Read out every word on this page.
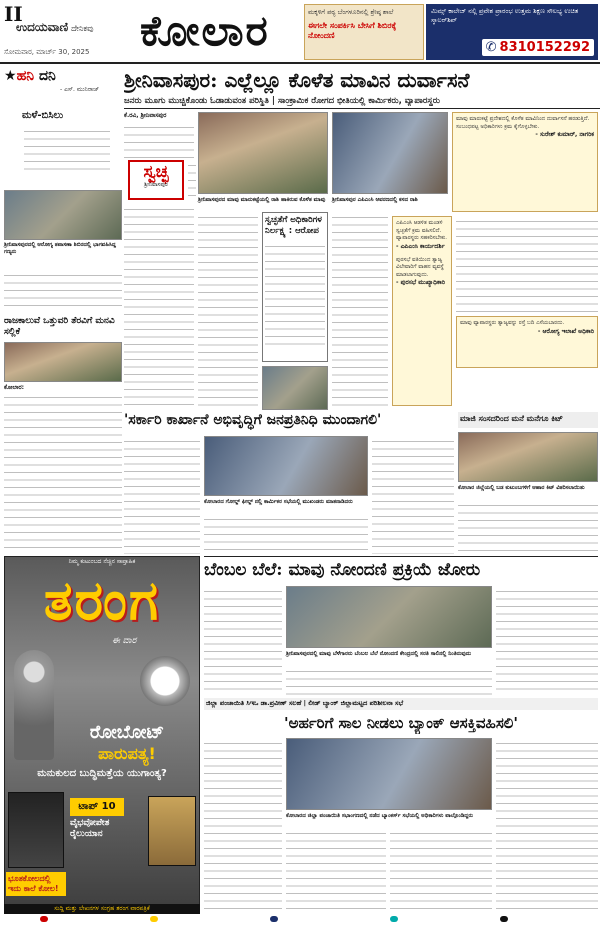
II
ಉದಯವಾಣಿ ದೇನಿಕವು
ಸೋಮವಾರ, ಮಾರ್ಚ್ 30, 2025 ಕೋಲಾರ	ಮಕ್ಕಳಿಗೆ ಪಠ್ಯ ಬೆಂಗಳೂರಿನಲ್ಲಿ ಶ್ರೇಷ್ಠ ಶಾಲೆ
ಈಗಲೇ ಸಂಪರ್ಕಿಸಿ ಬೇಸಿಗೆ ಶಿಬಿರಕ್ಕೆ ನೋಂದಣಿ
ಮಿಮ್ಸ್ ಕಾಲೇಜ್ ನಲ್ಲಿ ಪ್ರವೇಶ ಪ್ರಾರಂಭ ಉತ್ತಮ ಶಿಕ್ಷಣ ಸೌಲಭ್ಯ ಉಚಿತ ಸ್ಕಾಲರ್‌ಶಿಪ್
✆ 8310152292
★ಹನಿ ದನಿ
- ಎಸ್. ಮುನಿರಾಜ್
ಮಳೆ-ಬಿಸಿಲು
ಶ್ರೀನಿವಾಸಪುರದಲ್ಲಿ ಆರೋಗ್ಯ ತಪಾಸಣಾ ಶಿಬಿರದಲ್ಲಿ ಭಾಗವಹಿಸಿದ್ದ ಗಣ್ಯರು
ರಾಜಕಾಲುವೆ ಒತ್ತುವರಿ ತೆರವಿಗೆ ಮನವಿ ಸಲ್ಲಿಕೆ
ಕೋಲಾರ:
ಶ್ರೀನಿವಾಸಪುರ: ಎಲ್ಲೆಲ್ಲೂ ಕೊಳೆತ ಮಾವಿನ ದುರ್ವಾಸನೆ
ಜನರು ಮೂಗು ಮುಚ್ಚಿಕೊಂಡು ಓಡಾಡುವಂತ ಪರಿಸ್ಥಿತಿ | ಸಾಂಕ್ರಾಮಿಕ ರೋಗದ ಭೀತಿಯಲ್ಲಿ ಕಾರ್ಮಿಕರು, ವ್ಯಾಪಾರಸ್ಥರು
ಕೆ.ರವಿ, ಶ್ರೀನಿವಾಸಪುರ
ಸ್ವಚ್ಛ
ಶ್ರೀನಿವಾಸಪುರ
ಶ್ರೀನಿವಾಸಪುರದ ಮಾವು ಮಾರುಕಟ್ಟೆಯಲ್ಲಿ ರಾಶಿ ಹಾಕಿರುವ ಕೊಳೆತ ಮಾವು	ಶ್ರೀನಿವಾಸಪುರ ಎಪಿಎಂಸಿ ಆವರಣದಲ್ಲಿ ಕಸದ ರಾಶಿ
ಮಾವು ಮಾರುಕಟ್ಟೆ ಪ್ರದೇಶದಲ್ಲಿ ಕೊಳೆತ ಮಾವಿನಿಂದ ದುರ್ವಾಸನೆ ಹರಡುತ್ತಿದೆ. ಸಂಬಂಧಪಟ್ಟ ಅಧಿಕಾರಿಗಳು ಕ್ರಮ ಕೈಗೊಳ್ಳಬೇಕು.
- ಸುರೇಶ್ ಕುಮಾರ್, ನಾಗರಿಕ
ಸ್ವಚ್ಛತೆಗೆ ಅಧಿಕಾರಿಗಳ ನಿರ್ಲಕ್ಷ್ಯ : ಆರೋಪ
ಎಪಿಎಂಸಿ ಆಡಳಿತ ಮಂಡಳಿ ಸ್ವಚ್ಛತೆಗೆ ಕ್ರಮ ವಹಿಸಲಿದೆ. ವ್ಯಾಪಾರಸ್ಥರು ಸಹಕರಿಸಬೇಕು.
- ಎಪಿಎಂಸಿ ಕಾರ್ಯದರ್ಶಿ
ಪುರಸಭೆ ವತಿಯಿಂದ ತ್ಯಾಜ್ಯ ವಿಲೇವಾರಿಗೆ ವಾಹನ ವ್ಯವಸ್ಥೆ ಮಾಡಲಾಗುವುದು.
- ಪುರಸಭೆ ಮುಖ್ಯಾಧಿಕಾರಿ
ಮಾವು ವ್ಯಾಪಾರಸ್ಥರು ತ್ಯಾಜ್ಯವನ್ನು ರಸ್ತೆ ಬದಿ ಎಸೆಯಬಾರದು.
- ಆರೋಗ್ಯ ಇಲಾಖೆ ಅಧಿಕಾರಿ
'ಸರ್ಕಾರಿ ಕಾರ್ಖಾನೆ ಅಭಿವೃದ್ಧಿಗೆ ಜನಪ್ರತಿನಿಧಿ ಮುಂದಾಗಲಿ'
ಕೋಲಾರದ ಗೋಲ್ಡ್ ಫೀಲ್ಡ್ ನಲ್ಲಿ ಕಾರ್ಮಿಕರ ಸಭೆಯಲ್ಲಿ ಮುಖಂಡರು ಮಾತನಾಡಿದರು
ಮಾಜಿ ಸಂಸದರಿಂದ ಮನೆ ಮನೆಗೂ ಕಿಟ್
ಕೋಲಾರ ಜಿಲ್ಲೆಯಲ್ಲಿ ಬಡ ಕುಟುಂಬಗಳಿಗೆ ಆಹಾರ ಕಿಟ್ ವಿತರಿಸಲಾಯಿತು
ಬೆಂಬಲ ಬೆಲೆ: ಮಾವು ನೋಂದಣಿ ಪ್ರಕ್ರಿಯೆ ಜೋರು
ಶ್ರೀನಿವಾಸಪುರದಲ್ಲಿ ಮಾವು ಬೆಳೆಗಾರರು ಬೆಂಬಲ ಬೆಲೆ ನೋಂದಣಿ ಕೇಂದ್ರದಲ್ಲಿ ಸರತಿ ಸಾಲಿನಲ್ಲಿ ನಿಂತಿರುವುದು
ಜಿಲ್ಲಾ ಪಂಚಾಯಿತಿ ಸಿಇಒ ಡಾ.ಪ್ರವೀಣ್ ಸಲಹೆ | ಲೀಡ್ ಬ್ಯಾಂಕ್ ಜಿಲ್ಲಾಮಟ್ಟದ ಪರಿಶೀಲನಾ ಸಭೆ
'ಅರ್ಹರಿಗೆ ಸಾಲ ನೀಡಲು ಬ್ಯಾಂಕ್ ಆಸಕ್ತಿವಹಿಸಲಿ'
ಕೋಲಾರದ ಜಿಲ್ಲಾ ಪಂಚಾಯಿತಿ ಸಭಾಂಗಣದಲ್ಲಿ ನಡೆದ ಬ್ಯಾಂಕರ್ಸ್ ಸಭೆಯಲ್ಲಿ ಅಧಿಕಾರಿಗಳು ಪಾಲ್ಗೊಂಡಿದ್ದರು
ನಿಮ್ಮ ಕುಟುಂಬದ ನೆಚ್ಚಿನ ಸಾಪ್ತಾಹಿಕ
ತರಂಗ
ಈ ವಾರ
ರೋಬೋಟ್
ಪಾರುಪತ್ಯ!
ಮನುಕುಲದ ಬುದ್ಧಿಮತ್ತೆಯ ಯುಗಾಂತ್ಯ?
ಟಾಪ್ 10
ವೈಭವೋಪೇತ ರೈಲುಯಾನ
ಭೂತಕೋಲದಲ್ಲಿ ಇದು ಕಾಲೆ ಕೋಲ!
ಸುದ್ದಿ ಮತ್ತು ಲೇಖನಗಳ ಸಂಗ್ರಹ ತರಂಗ ವಾರಪತ್ರಿಕೆ
